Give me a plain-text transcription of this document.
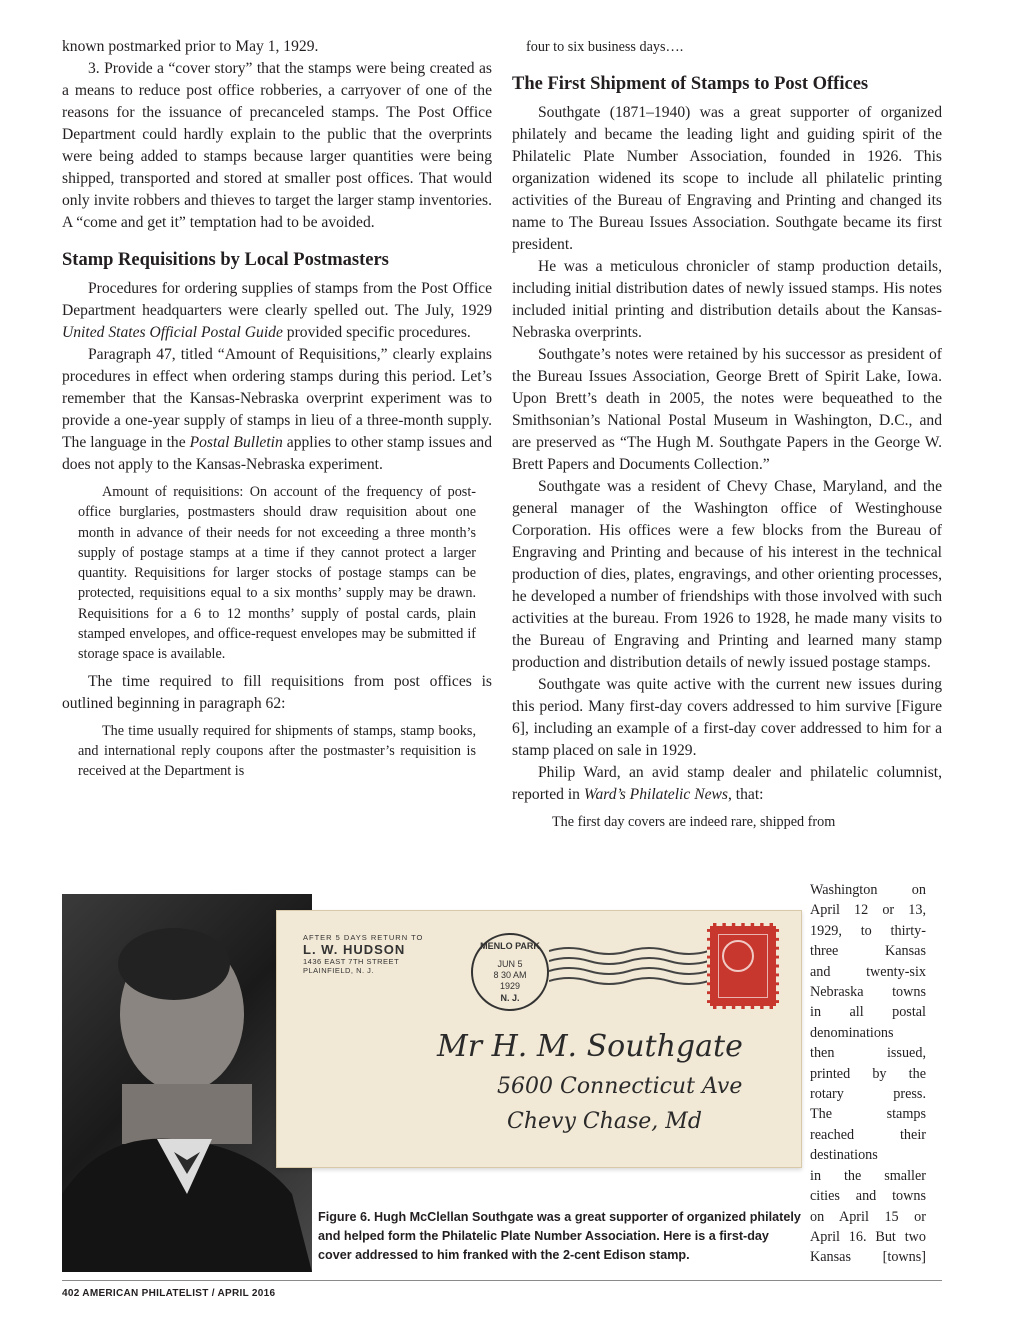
known postmarked prior to May 1, 1929.

3. Provide a “cover story” that the stamps were being created as a means to reduce post office robberies, a carryover of one of the reasons for the issuance of precanceled stamps. The Post Office Department could hardly explain to the public that the overprints were being added to stamps because larger quantities were being shipped, transported and stored at smaller post offices. That would only invite robbers and thieves to target the larger stamp inventories. A “come and get it” temptation had to be avoided.

Stamp Requisitions by Local Postmasters

Procedures for ordering supplies of stamps from the Post Office Department headquarters were clearly spelled out. The July, 1929 United States Official Postal Guide provided specific procedures.

Paragraph 47, titled “Amount of Requisitions,” clearly explains procedures in effect when ordering stamps during this period. Let’s remember that the Kansas-Nebraska overprint experiment was to provide a one-year supply of stamps in lieu of a three-month supply. The language in the Postal Bulletin applies to other stamp issues and does not apply to the Kansas-Nebraska experiment.

Amount of requisitions: On account of the frequency of post-office burglaries, postmasters should draw requisition about one month in advance of their needs for not exceeding a three month’s supply of postage stamps at a time if they cannot protect a larger quantity. Requisitions for larger stocks of postage stamps can be protected, requisitions equal to a six months’ supply may be drawn. Requisitions for a 6 to 12 months’ supply of postal cards, plain stamped envelopes, and office-request envelopes may be submitted if storage space is available.

The time required to fill requisitions from post offices is outlined beginning in paragraph 62:

The time usually required for shipments of stamps, stamp books, and international reply coupons after the postmaster’s requisition is received at the Department is

four to six business days….

The First Shipment of Stamps to Post Offices

Southgate (1871–1940) was a great supporter of organized philately and became the leading light and guiding spirit of the Philatelic Plate Number Association, founded in 1926. This organization widened its scope to include all philatelic printing activities of the Bureau of Engraving and Printing and changed its name to The Bureau Issues Association. Southgate became its first president.

He was a meticulous chronicler of stamp production details, including initial distribution dates of newly issued stamps. His notes included initial printing and distribution details about the Kansas-Nebraska overprints.

Southgate’s notes were retained by his successor as president of the Bureau Issues Association, George Brett of Spirit Lake, Iowa. Upon Brett’s death in 2005, the notes were bequeathed to the Smithsonian’s National Postal Museum in Washington, D.C., and are preserved as “The Hugh M. Southgate Papers in the George W. Brett Papers and Documents Collection.”

Southgate was a resident of Chevy Chase, Maryland, and the general manager of the Washington office of Westinghouse Corporation. His offices were a few blocks from the Bureau of Engraving and Printing and because of his interest in the technical production of dies, plates, engravings, and other orienting processes, he developed a number of friendships with those involved with such activities at the bureau. From 1926 to 1928, he made many visits to the Bureau of Engraving and Printing and learned many stamp production and distribution details of newly issued postage stamps.

Southgate was quite active with the current new issues during this period. Many first-day covers addressed to him survive [Figure 6], including an example of a first-day cover addressed to him for a stamp placed on sale in 1929.

Philip Ward, an avid stamp dealer and philatelic columnist, reported in Ward’s Philatelic News, that:

The first day covers are indeed rare, shipped from
Washington on
April 12 or 13,
1929, to thirty-
three Kansas
and twenty-six
Nebraska towns
in all postal
denominations
then issued,
printed by the
rotary press.
The stamps
reached their
destinations
in the smaller
cities and towns
on April 15 or
April 16. But two
Kansas [towns]
AFTER 5 DAYS RETURN TO
L. W. HUDSON
1436 EAST 7TH STREET
PLAINFIELD, N. J.
MENLO PARK
JUN 5
8 30 AM
1929
N. J.
Mr H. M. Southgate
5600 Connecticut Ave
Chevy Chase, Md
Figure 6. Hugh McClellan Southgate was a great supporter of organized philately and helped form the Philatelic Plate Number Association. Here is a first-day cover addressed to him franked with the 2-cent Edison stamp.
402 AMERICAN PHILATELIST / APRIL 2016
